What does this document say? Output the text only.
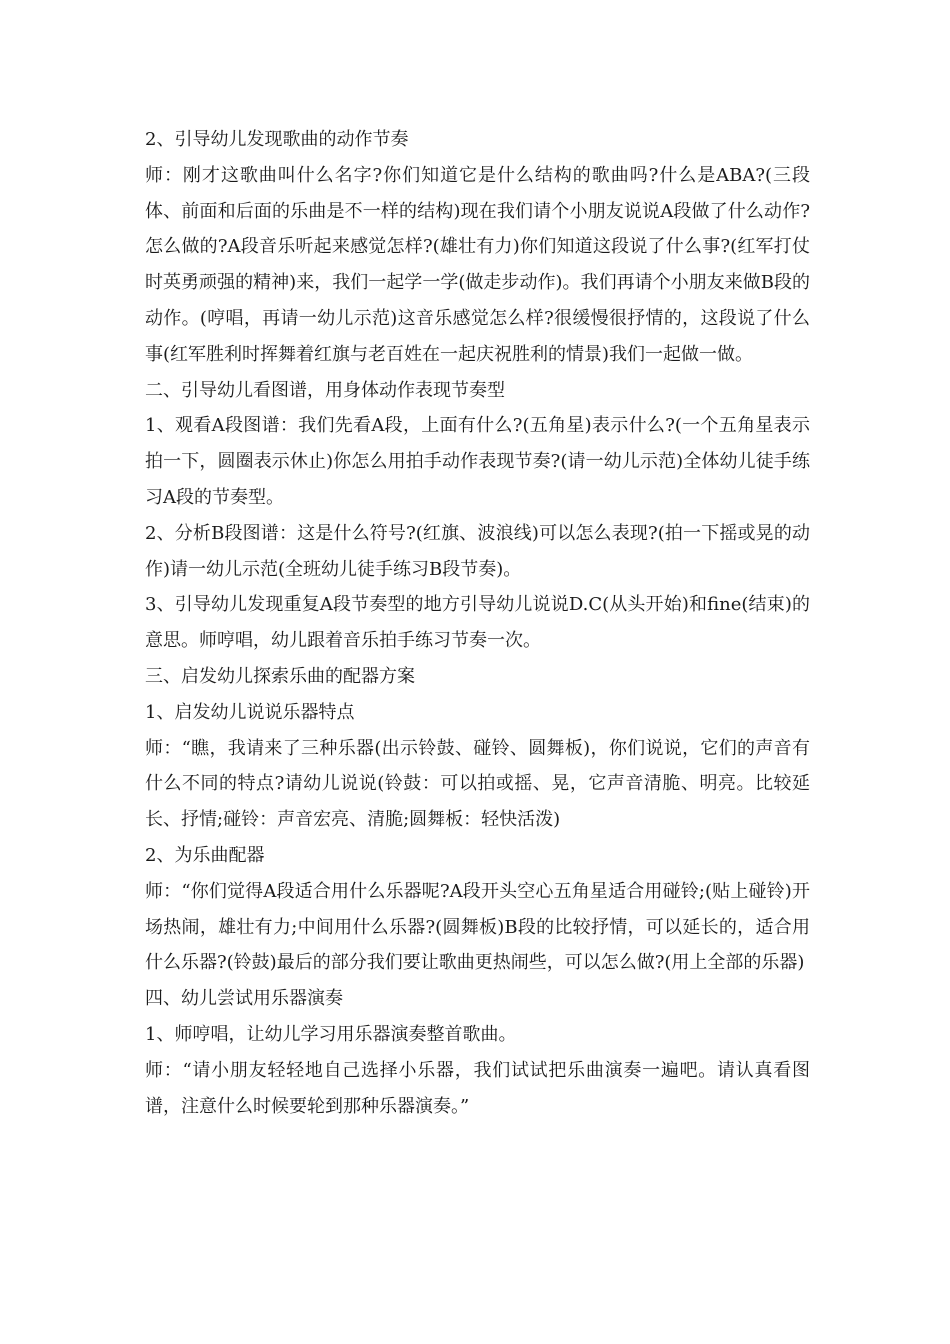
2、引导幼儿发现歌曲的动作节奏

师：刚才这歌曲叫什么名字?你们知道它是什么结构的歌曲吗?什么是ABA?(三段体、前面和后面的乐曲是不一样的结构)现在我们请个小朋友说说A段做了什么动作?怎么做的?A段音乐听起来感觉怎样?(雄壮有力)你们知道这段说了什么事?(红军打仗时英勇顽强的精神)来，我们一起学一学(做走步动作)。我们再请个小朋友来做B段的动作。(哼唱，再请一幼儿示范)这音乐感觉怎么样?很缓慢很抒情的，这段说了什么事(红军胜利时挥舞着红旗与老百姓在一起庆祝胜利的情景)我们一起做一做。

二、引导幼儿看图谱，用身体动作表现节奏型

1、观看A段图谱：我们先看A段，上面有什么?(五角星)表示什么?(一个五角星表示拍一下，圆圈表示休止)你怎么用拍手动作表现节奏?(请一幼儿示范)全体幼儿徒手练习A段的节奏型。

2、分析B段图谱：这是什么符号?(红旗、波浪线)可以怎么表现?(拍一下摇或晃的动作)请一幼儿示范(全班幼儿徒手练习B段节奏)。

3、引导幼儿发现重复A段节奏型的地方引导幼儿说说D.C(从头开始)和fine(结束)的意思。师哼唱，幼儿跟着音乐拍手练习节奏一次。

三、启发幼儿探索乐曲的配器方案

1、启发幼儿说说乐器特点

师：“瞧，我请来了三种乐器(出示铃鼓、碰铃、圆舞板)，你们说说，它们的声音有什么不同的特点?请幼儿说说(铃鼓：可以拍或摇、晃，它声音清脆、明亮。比较延长、抒情;碰铃：声音宏亮、清脆;圆舞板：轻快活泼)

2、为乐曲配器

师：“你们觉得A段适合用什么乐器呢?A段开头空心五角星适合用碰铃;(贴上碰铃)开场热闹，雄壮有力;中间用什么乐器?(圆舞板)B段的比较抒情，可以延长的，适合用什么乐器?(铃鼓)最后的部分我们要让歌曲更热闹些，可以怎么做?(用上全部的乐器)

四、幼儿尝试用乐器演奏

1、师哼唱，让幼儿学习用乐器演奏整首歌曲。

师：“请小朋友轻轻地自己选择小乐器，我们试试把乐曲演奏一遍吧。请认真看图谱，注意什么时候要轮到那种乐器演奏。”
